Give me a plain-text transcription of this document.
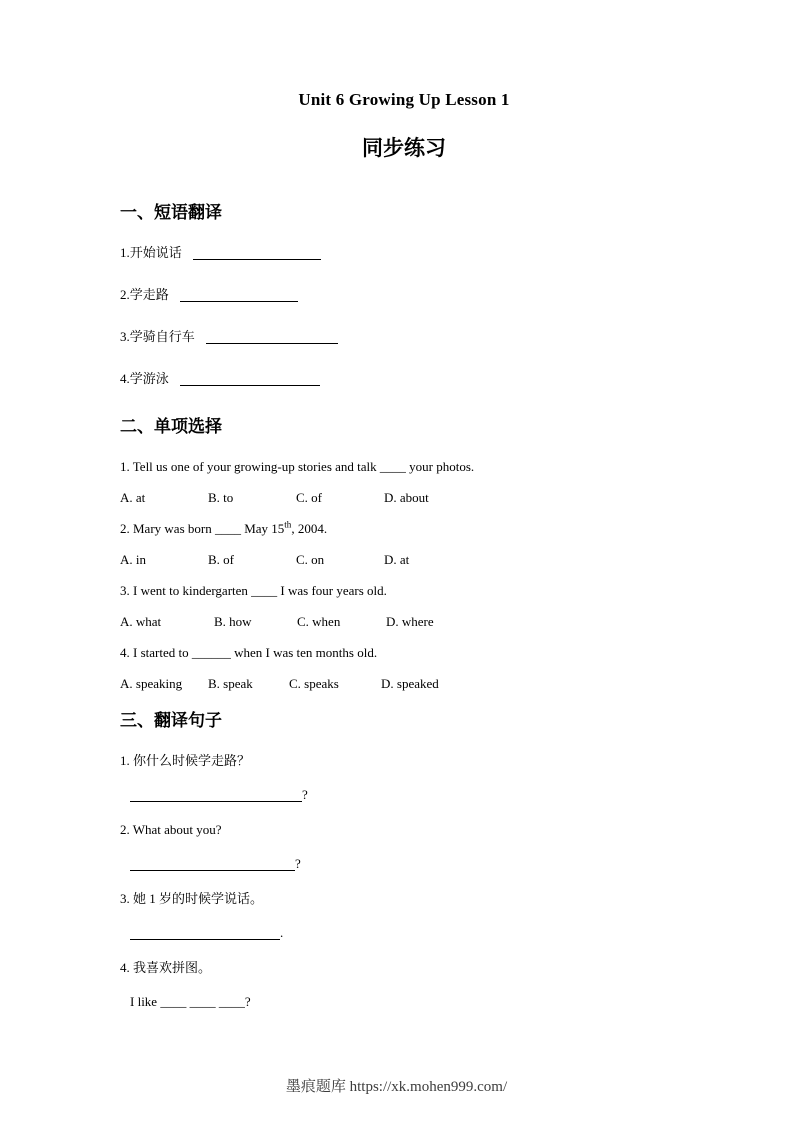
Unit 6 Growing Up Lesson 1
同步练习
一、短语翻译

1.开始说话

2.学走路

3.学骑自行车

4.学游泳

二、单项选择

1. Tell us one of your growing-up stories and talk ____ your photos.

A. at	B. to	C. of	D. about

2. Mary was born ____ May 15th, 2004.

A. in	B. of	C. on	D. at

3. I went to kindergarten ____ I was four years old.

A. what	B. how	C. when	D. where

4. I started to ______ when I was ten months old.

A. speaking	B. speak	C. speaks	D. speaked

三、翻译句子

1. 你什么时候学走路？

?

2. What about you?

?

3. 她 1 岁的时候学说话。

.

4. 我喜欢拼图。

I like ____ ____ ____?

墨痕题库 https://xk.mohen999.com/
